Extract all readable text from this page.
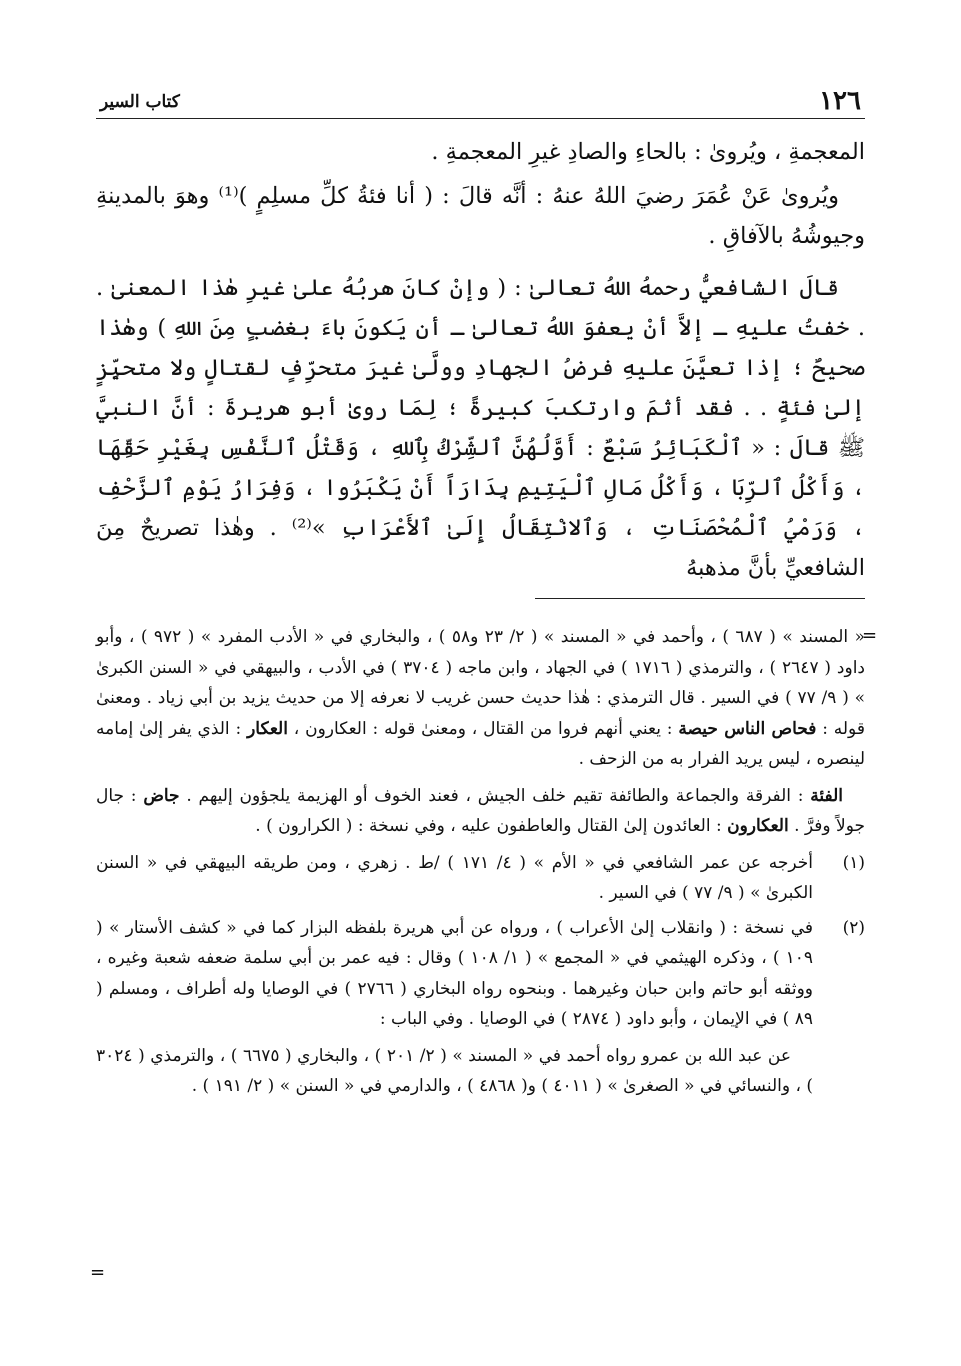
١٢٦
كتاب السير

المعجمةِ ، ويُروىٰ : بالحاءِ والصادِ غيرِ المعجمةِ .

ويُروىٰ عَنْ عُمَرَ رضيَ اللهُ عنهُ : أنَّه قالَ : ( أنا فئةُ كلِّ مسلِمٍ )⁽¹⁾ وهوَ بالمدينةِ وجيوشُهُ بالآفاقِ .

قالَ الشافعيُّ رحمهُ اللهُ تعالىٰ : ( وإنْ كانَ هربُهُ علىٰ غيرِ هٰذا المعنىٰ . . خفتُ عليهِ ـ إلاَّ أنْ يعفوَ اللهُ تعالىٰ ـ أن يَكونَ باءَ بغضبٍ مِنَ اللهِ ) وهٰذا صحيحٌ ؛ إذا تعيَّنَ عليهِ فرضُ الجهادِ وولَّىٰ غيرَ متحرِّفٍ لقتالٍ ولا متحيِّزٍ إلىٰ فئةٍ . . فقد أثمَ وارتكبَ كبيرةً ؛ لِمَا روىٰ أبو هريرةَ : أنَّ النبيَّ ﷺ قالَ : « ٱلْكَبَائِرُ سَبْعٌ : أَوَّلُهُنَّ ٱلشِّرْكُ بِٱللهِ ، وَقَتْلُ ٱلنَّفْسِ بِغَيْرِ حَقِّهَا ، وَأَكْلُ ٱلرِّبَا ، وَأَكْلُ مَالِ ٱلْيَتِيمِ بِدَارَاً أَنْ يَكْبَرُوا ، وَفِرَارُ يَوْمِ ٱلزَّحْفِ ، وَرَمْيُ ٱلْمُحْصَنَاتِ ، وَٱلانْتِقَالُ إِلَىٰ ٱلأَعْرَابِ »⁽²⁾ . وهٰذا تصريحٌ مِنَ الشافعيِّ بأنَّ مذهبهُ

=

« المسند » ( ٦٨٧ ) ، وأحمد في « المسند » ( ٢/ ٢٣ و٥٨ ) ، والبخاري في « الأدب المفرد » ( ٩٧٢ ) ، وأبو داود ( ٢٦٤٧ ) ، والترمذي ( ١٧١٦ ) في الجهاد ، وابن ماجه ( ٣٧٠٤ ) في الأدب ، والبيهقي في « السنن الكبرىٰ » ( ٩/ ٧٧ ) في السير . قال الترمذي : هٰذا حديث حسن غريب لا نعرفه إلا من حديث يزيد بن أبي زياد . ومعنىٰ قوله : فحاص الناس حيصة : يعني أنهم فروا من القتال ، ومعنىٰ قوله : العكارون ، العكار : الذي يفر إلىٰ إمامه لينصره ، ليس يريد الفرار به من الزحف .

الفئة : الفرقة والجماعة والطائفة تقيم خلف الجيش ، فعند الخوف أو الهزيمة يلجؤون إليهم . جاض : جال جولاً وفرَّ . العكارون : العائدون إلىٰ القتال والعاطفون عليه ، وفي نسخة : ( الكرارون ) .

(١)
أخرجه عن عمر الشافعي في « الأم » ( ٤/ ١٧١ ) /ط . زهري ، ومن طريقه البيهقي في « السنن الكبرىٰ » ( ٩/ ٧٧ ) في السير .
(٢)
في نسخة : ( وانقلاب إلىٰ الأعراب ) ، ورواه عن أبي هريرة بلفظه البزار كما في « كشف الأستار » ( ١٠٩ ) ، وذكره الهيثمي في « المجمع » ( ١/ ١٠٨ ) وقال : فيه عمر بن أبي سلمة ضعفه شعبة وغيره ، ووثقه أبو حاتم وابن حبان وغيرهما . وبنحوه رواه البخاري ( ٢٧٦٦ ) في الوصايا وله أطراف ، ومسلم ( ٨٩ ) في الإيمان ، وأبو داود ( ٢٨٧٤ ) في الوصايا . وفي الباب :

عن عبد الله بن عمرو رواه أحمد في « المسند » ( ٢/ ٢٠١ ) ، والبخاري ( ٦٦٧٥ ) ، والترمذي ( ٣٠٢٤ ) ، والنسائي في « الصغرىٰ » ( ٤٠١١ ) و( ٤٨٦٨ ) ، والدارمي في « السنن » ( ٢/ ١٩١ ) .

=
